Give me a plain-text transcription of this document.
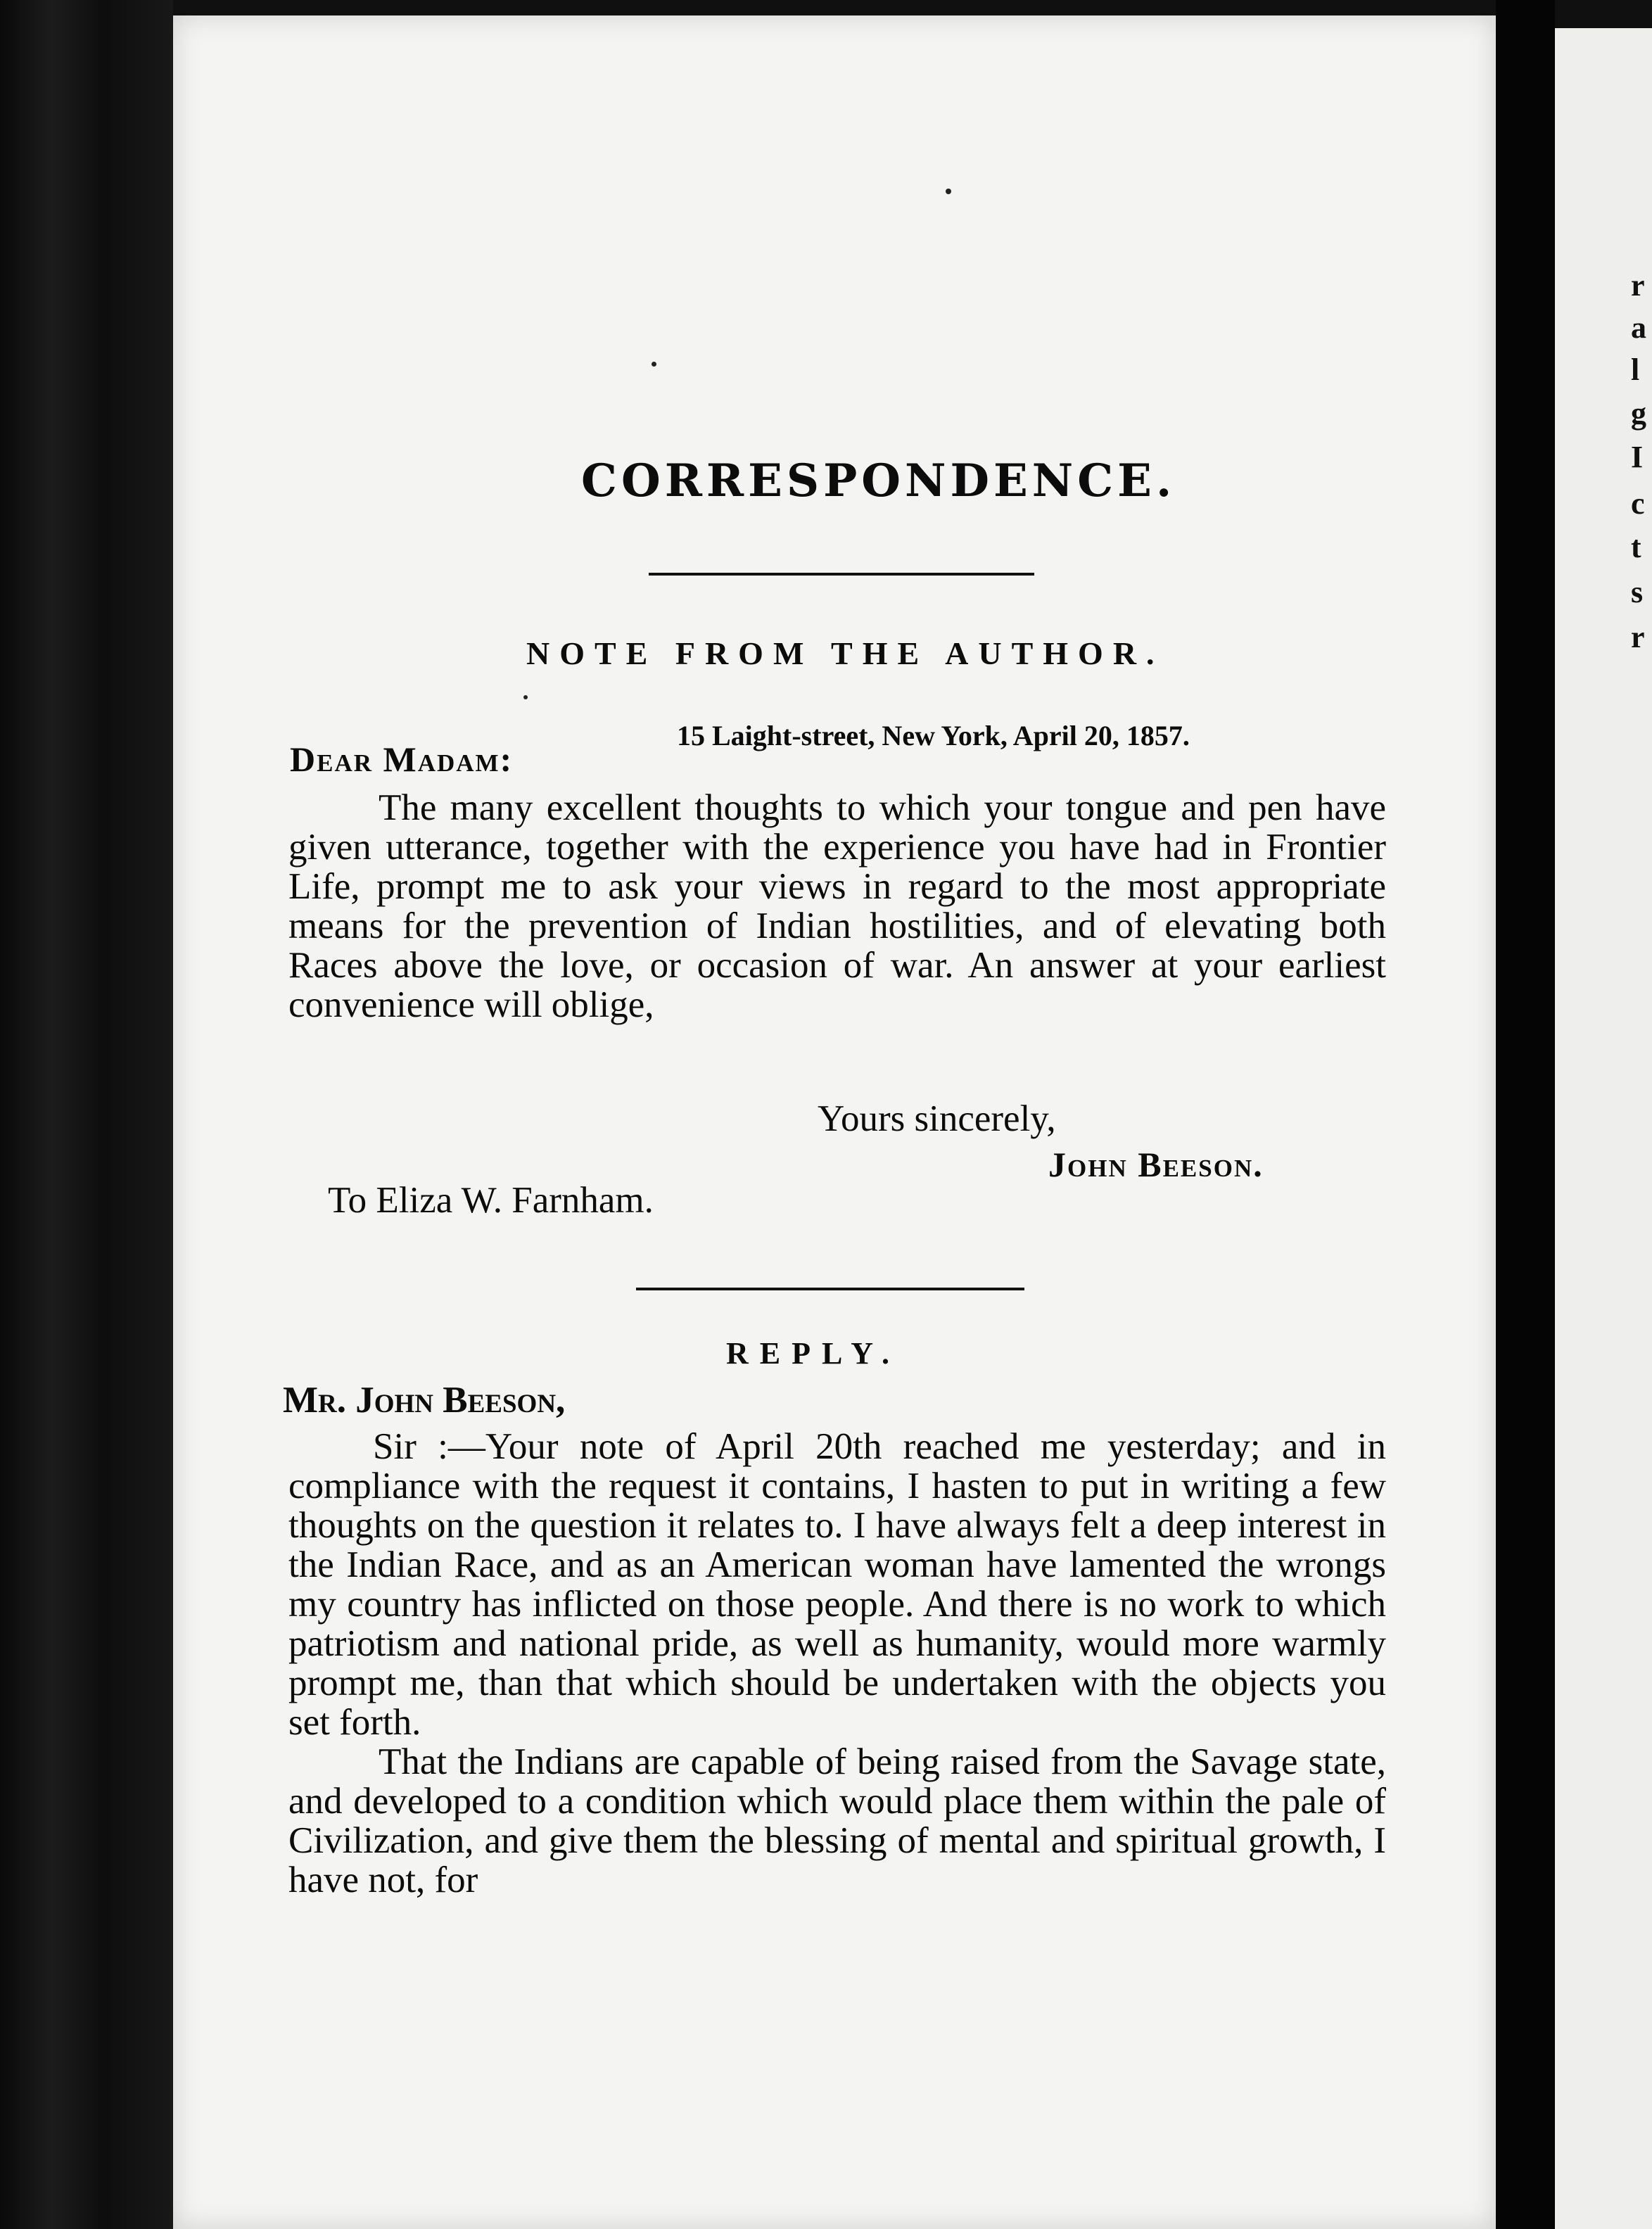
r
a
l
g
I
c
t
s
r
CORRESPONDENCE.
NOTE FROM THE AUTHOR.
15 Laight-street, New York, April 20, 1857.
Dear Madam:

The many excellent thoughts to which your tongue and pen have given utterance, together with the experience you have had in Frontier Life, prompt me to ask your views in regard to the most appropriate means for the prevention of Indian hostilities, and of elevating both Races above the love, or occasion of war. An answer at your earliest convenience will oblige,

Yours sincerely,
John Beeson.
To Eliza W. Farnham.
REPLY.
Mr. John Beeson,

Sir :—Your note of April 20th reached me yesterday; and in compliance with the request it contains, I hasten to put in writing a few thoughts on the question it relates to. I have always felt a deep interest in the Indian Race, and as an American woman have lamented the wrongs my country has inflicted on those people. And there is no work to which patriotism and national pride, as well as humanity, would more warmly prompt me, than that which should be undertaken with the objects you set forth.

That the Indians are capable of being raised from the Savage state, and developed to a condition which would place them within the pale of Civilization, and give them the blessing of mental and spiritual growth, I have not, for
